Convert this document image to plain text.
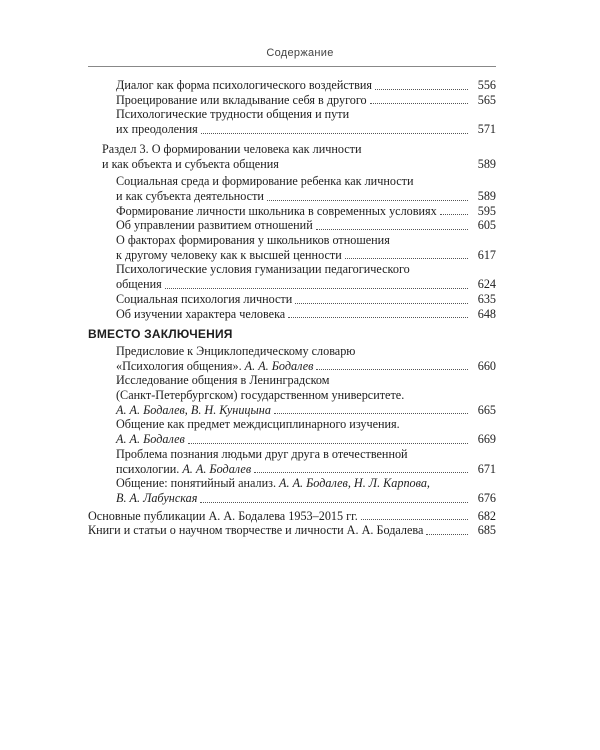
Содержание
Диалог как форма психологического воздействия	556
Проецирование или вкладывание себя в другого	565
Психологические трудности общения и пути
их преодоления	571
Раздел 3. О формировании человека как личности
и как объекта и субъекта общения	589
Социальная среда и формирование ребенка как личности
и как субъекта деятельности	589
Формирование личности школьника в современных условиях	595
Об управлении развитием отношений	605
О факторах формирования у школьников отношения
к другому человеку как к высшей ценности	617
Психологические условия гуманизации педагогического
общения	624
Социальная психология личности	635
Об изучении характера человека	648
ВМЕСТО ЗАКЛЮЧЕНИЯ
Предисловие к Энциклопедическому словарю
«Психология общения». А. А. Бодалев	660
Исследование общения в Ленинградском
(Санкт-Петербургском) государственном университете.
А. А. Бодалев, В. Н. Куницына	665
Общение как предмет междисциплинарного изучения.
А. А. Бодалев	669
Проблема познания людьми друг друга в отечественной
психологии. А. А. Бодалев	671
Общение: понятийный анализ. А. А. Бодалев, Н. Л. Карпова,
В. А. Лабунская	676
Основные публикации А. А. Бодалева 1953–2015 гг.	682
Книги и статьи о научном творчестве и личности А. А. Бодалева	685
